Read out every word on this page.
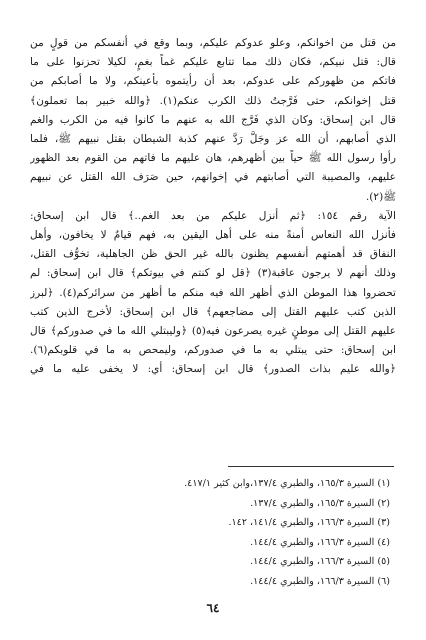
من قتل من اخوانكم، وعلو عدوكم عليكم، وبما وقع في أنفسكم من قولٍ من
قال: قتل نبيكم، فكان ذلك مما تتابع عليكم غماً بغمٍ، لكيلا تحزنوا على ما
فاتكم من ظهوركم على عدوكم، بعد أن رأيتموه بأعينكم، ولا ما أصابكم من
قتل إخوانكم، حتى فَرَّجتُ ذلك الكرب عنكم(١). ﴿والله خبير بما تعملون﴾
قال ابن إسحاق: وكان الذي فَرَّج الله به عنهم ما كانوا فيه من الكرب والغم
الذي أصابهم، أن الله عز وجَلَّ رَدَّ عنهم كذبة الشيطان بقتل نبيهم ﷺ، فلما
رأوا رسول الله ﷺ حياً بين أظهرهم، هان عليهم ما فاتهم من القوم بعد الظهور
عليهم، والمصيبة التي أصابتهم في إخوانهم، حين صَرَف الله القتل عن نبيهم
ﷺ(٢).
الآية رقم ١٥٤: ﴿ثم أنزل عليكم من بعد الغم..﴾ قال ابن إسحاق:
فأنزل الله النعاس أمنةً منه على أهل اليقين به، فهم قيامٌ لا يخافون، وأهل
النفاق قد أهمتهم أنفسهم يظنون بالله غير الحق ظن الجاهلية، تخوُّف القتل،
وذلك أنهم لا يرجون عاقبة(٣) ﴿قل لو كنتم في بيوتكم﴾ قال ابن إسحاق: لم
تحضروا هذا الموطن الذي أظهر الله فيه منكم ما أظهر من سرائركم(٤). ﴿لبرز
الذين كتب عليهم القتل إلى مضاجعهم﴾ قال ابن إسحاق: لأخرج الذين كتب
عليهم القتل إلى موطنٍ غيره يصرعون فيه(٥) ﴿وليبتلي الله ما في صدوركم﴾ قال
ابن إسحاق: حتى يبتلي به ما في صدوركم، وليمحص به ما في قلوبكم(٦).
﴿والله عليم بذات الصدور﴾ قال ابن إسحاق: أي: لا يخفى عليه ما في
(١) السيرة ١٦٥/٣، والطبري ١٣٧/٤،وابن كثير ٤١٧/١.
(٢) السيرة ١٦٥/٣، والطبري ١٣٧/٤.
(٣) السيرة ١٦٦/٣، والطبري ١٤١/٤، ١٤٢.
(٤) السيرة ١٦٦/٣، والطبري ١٤٤/٤.
(٥) السيرة ١٦٦/٣، والطبري ١٤٤/٤.
(٦) السيرة ١٦٦/٣، والطبري ١٤٤/٤.
٦٤
